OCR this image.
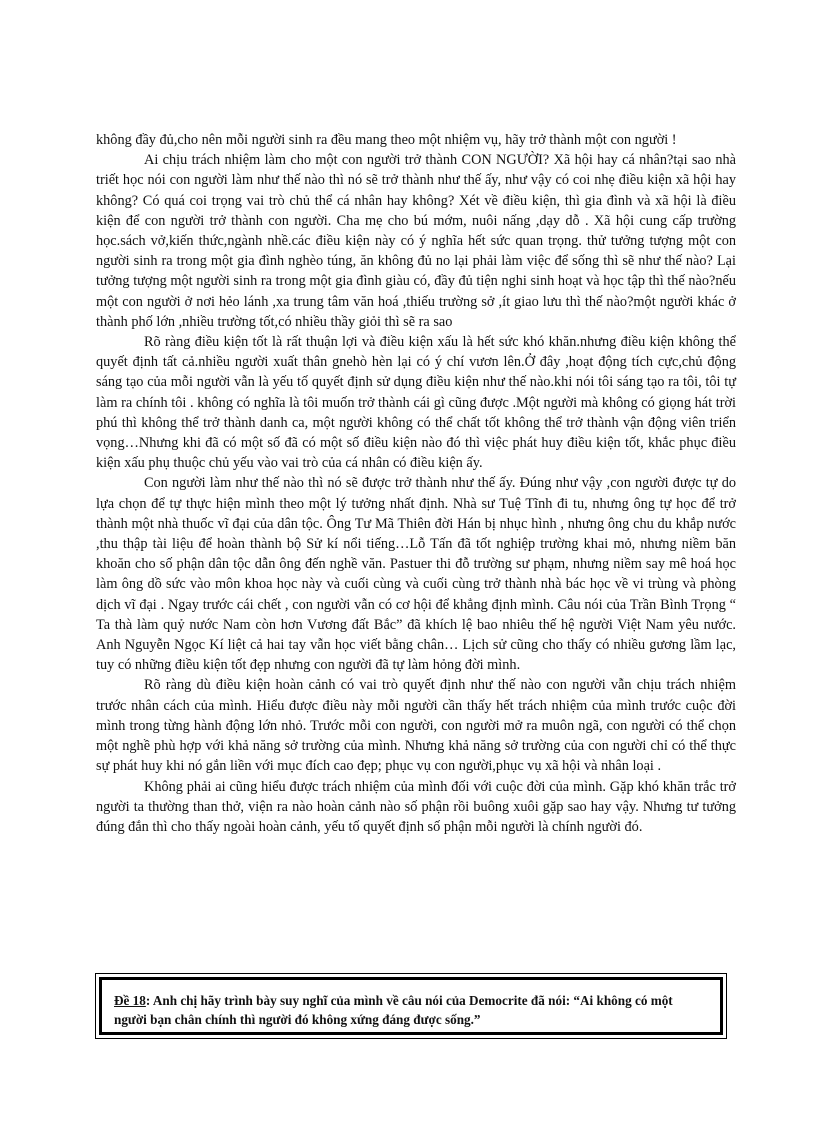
không đầy đủ,cho nên mỗi người sinh ra đều mang theo một nhiệm vụ, hãy trở thành một con người !

Ai chịu trách nhiệm làm cho một con người trở thành CON NGƯỜI? Xã hội hay cá nhân?tại sao nhà triết học nói con người làm như thế nào thì nó sẽ trở thành như thế ấy, như vậy có coi nhẹ điều kiện xã hội hay không? Có quá coi trọng vai trò chủ thể cá nhân hay không? Xét về điều kiện, thì gia đình và xã hội là điều kiện để con người trở thành con người. Cha mẹ cho bú mớm, nuôi nấng ,dạy dỗ . Xã hội cung cấp trường học.sách vở,kiến thức,ngành nhề.các điều kiện này có ý nghĩa hết sức quan trọng. thử tưởng tượng một con người sinh ra trong một gia đình nghèo túng, ăn không đủ no lại phải làm việc để sống thì sẽ như thế nào? Lại tưởng tượng một người sinh ra trong một gia đình giàu có, đầy đủ tiện nghi sinh hoạt và học tập thì thế nào?nếu một con người ở nơi hẻo lánh ,xa trung tâm văn hoá ,thiếu trường sở ,ít giao lưu thì thế nào?một người khác ở thành phố lớn ,nhiều trường tốt,có nhiều thầy giỏi thì sẽ ra sao

Rõ ràng điều kiện tốt là rất thuận lợi và điều kiện xấu là hết sức khó khăn.nhưng điều kiện không thể quyết định tất cả.nhiều người xuất thân gnehò hèn lại có ý chí vươn lên.Ở đây ,hoạt động tích cực,chủ động sáng tạo của mỗi người vẫn là yếu tố quyết định sử dụng điều kiện như thế nào.khi nói tôi sáng tạo ra tôi, tôi tự làm ra chính tôi . không có nghĩa là tôi muốn trở thành cái gì cũng được .Một người mà không có giọng hát trời phú thì không thể trở thành danh ca, một người không có thể chất tốt không thể trở thành vận động viên triển vọng…Nhưng khi đã có một số đã có một số điều kiện nào đó thì việc phát huy điều kiện tốt, khắc phục điều kiện xấu phụ thuộc chủ yếu vào vai trò của cá nhân có điều kiện ấy.

Con người làm như thế nào thì nó sẽ được trở thành như thế ấy. Đúng như vậy ,con người được tự do lựa chọn để tự thực hiện mình theo một lý tưởng nhất định. Nhà sư Tuệ Tĩnh đi tu, nhưng ông tự học để trở thành một nhà thuốc vĩ đại của dân tộc. Ông Tư Mã Thiên đời Hán bị nhục hình , nhưng ông chu du khắp nước ,thu thập tài liệu để hoàn thành bộ Sử kí nổi tiếng…Lỗ Tấn đã tốt nghiệp trường khai mỏ, nhưng niềm băn khoăn cho số phận dân tộc dẫn ông đến nghề văn. Pastuer thi đỗ trường sư phạm, nhưng niềm say mê hoá học làm ông dồ sức vào môn khoa học này và cuối cùng và cuối cùng trở thành nhà bác học về vi trùng và phòng dịch vĩ đại . Ngay trước cái chết , con người vẫn có cơ hội để khẳng định mình. Câu nói của Trần Bình Trọng “ Ta thà làm quỷ nước Nam còn hơn Vương đất Bắc” đã khích lệ bao nhiêu thế hệ người Việt Nam yêu nước. Anh Nguyễn Ngọc Kí liệt cả hai tay vẫn học viết bằng chân… Lịch sử cũng cho thấy có nhiều gương lầm lạc, tuy có những điều kiện tốt đẹp nhưng con người đã tự làm hỏng đời mình.

Rõ ràng dù điều kiện hoàn cảnh có vai trò quyết định như thế nào con người vẫn chịu trách nhiệm trước nhân cách của mình. Hiểu được điều này mỗi người cần thấy hết trách nhiệm của mình trước cuộc đời mình trong từng hành động lớn nhỏ. Trước mỗi con người, con người mở ra muôn ngã, con người có thể chọn một nghề phù hợp với khả năng sở trường của mình. Nhưng khả năng sở trường của con người chỉ có thể thực sự phát huy khi nó gắn liền với mục đích cao đẹp; phục vụ con người,phục vụ xã hội và nhân loại .

Không phải ai cũng hiểu được trách nhiệm của mình đối với cuộc đời của mình. Gặp khó khăn trắc trở người ta thường than thở, viện ra nào hoàn cảnh nào số phận rồi buông xuôi gặp sao hay vậy. Nhưng tư tưởng đúng đắn thì cho thấy ngoài hoàn cảnh, yếu tố quyết định số phận mỗi người là chính người đó.

Đề 18: Anh chị hãy trình bày suy nghĩ của mình về câu nói của Democrite đã nói: “Ai không có một người bạn chân chính thì người đó không xứng đáng được sống.”
